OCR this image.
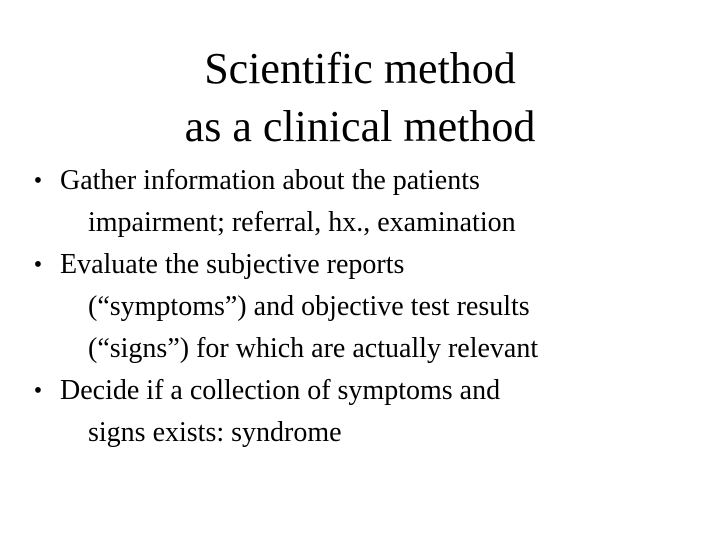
Scientific method
as a clinical method
• Gather information about the patients
impairment; referral, hx., examination
• Evaluate the subjective reports
(“symptoms”) and objective test results
(“signs”) for which are actually relevant
• Decide if a collection of symptoms and
signs exists: syndrome
